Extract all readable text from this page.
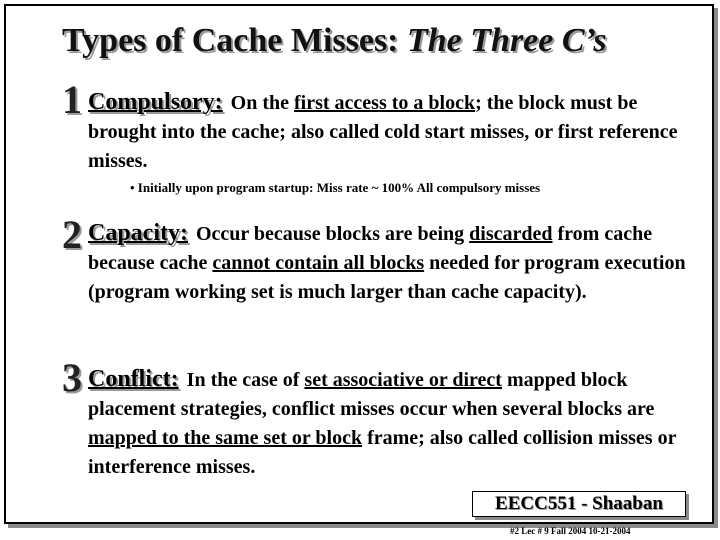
Types of Cache Misses: The Three C’s
1 Compulsory: On the first access to a block; the block must be brought into the cache; also called cold start misses, or first reference misses.
• Initially upon program startup: Miss rate ~ 100% All compulsory misses
2 Capacity: Occur because blocks are being discarded from cache because cache cannot contain all blocks needed for program execution (program working set is much larger than cache capacity).
3 Conflict: In the case of set associative or direct mapped block placement strategies, conflict misses occur when several blocks are mapped to the same set or block frame; also called collision misses or interference misses.
EECC551 - Shaaban
#2 Lec # 9 Fall 2004 10-21-2004
